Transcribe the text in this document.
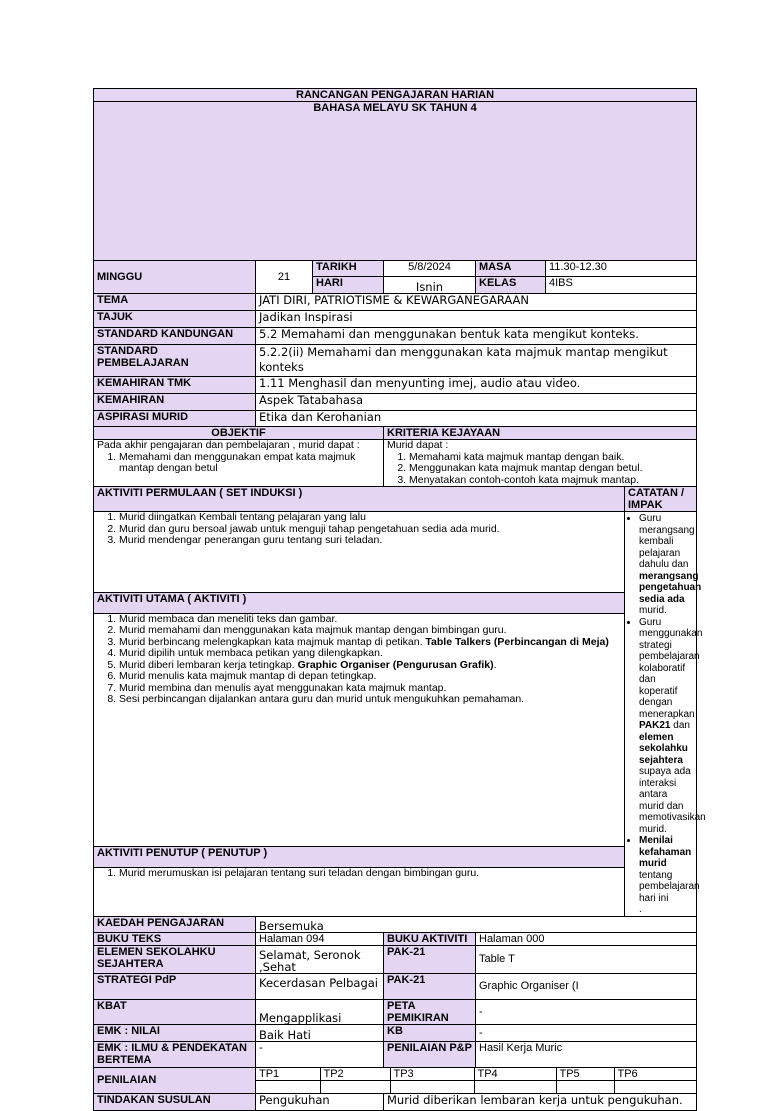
RANCANGAN PENGAJARAN HARIAN
BAHASA MELAYU SK TAHUN 4
MINGGU	21	TARIKH	5/8/2024	MASA	11.30-12.30
HARI	Isnin	KELAS	4IBS
TEMA	JATI DIRI, PATRIOTISME & KEWARGANEGARAAN
TAJUK	Jadikan Inspirasi
STANDARD KANDUNGAN	5.2 Memahami dan menggunakan bentuk kata mengikut konteks.
STANDARD PEMBELAJARAN	5.2.2(ii) Memahami dan menggunakan kata majmuk mantap mengikut konteks
KEMAHIRAN TMK	1.11 Menghasil dan menyunting imej, audio atau video.
KEMAHIRAN	Aspek Tatabahasa
ASPIRASI MURID	Etika dan Kerohanian
OBJEKTIF	KRITERIA KEJAYAAN

Pada akhir pengajaran dan pembelajaran , murid dapat :
1. Memahami dan menggunakan empat kata majmuk mantap dengan betul

Murid dapat :
1. Memahami kata majmuk mantap dengan baik.
2. Menggunakan kata majmuk mantap dengan betul.
3. Menyatakan contoh-contoh kata majmuk mantap.

AKTIVITI PERMULAAN ( SET INDUKSI )	CATATAN / IMPAK

1. Murid diingatkan Kembali tentang pelajaran yang lalu
2. Murid dan guru bersoal jawab untuk menguji tahap pengetahuan sedia ada murid.
3. Murid mendengar penerangan guru tentang suri teladan.

• Guru merangsang kembali pelajaran dahulu dan merangsang pengetahuan sedia ada murid.
• Guru menggunakan strategi pembelajaran kolaboratif dan koperatif dengan menerapkan PAK21 dan elemen sekolahku sejahtera supaya ada interaksi antara murid dan memotivasikan murid.
• Menilai kefahaman murid tentang pembelajaran hari ini
.

AKTIVITI UTAMA ( AKTIVITI )

1. Murid membaca dan meneliti teks dan gambar.
2. Murid memahami dan menggunakan kata majmuk mantap dengan bimbingan guru.
3. Murid berbincang melengkapkan kata majmuk mantap di petikan. Table Talkers (Perbincangan di Meja)
4. Murid dipilih untuk membaca petikan yang dilengkapkan.
5. Murid diberi lembaran kerja tetingkap. Graphic Organiser (Pengurusan Grafik).
6. Murid menulis kata majmuk mantap di depan tetingkap.
7. Murid membina dan menulis ayat menggunakan kata majmuk mantap.
8. Sesi perbincangan dijalankan antara guru dan murid untuk mengukuhkan pemahaman.

AKTIVITI PENUTUP ( PENUTUP )

1. Murid merumuskan isi pelajaran tentang suri teladan dengan bimbingan guru.

KAEDAH PENGAJARAN	Bersemuka
BUKU TEKS	Halaman 094	BUKU AKTIVITI	Halaman 000
ELEMEN SEKOLAHKU SEJAHTERA	Selamat, Seronok ,Sehat	PAK-21	Table T
STRATEGI PdP	Kecerdasan Pelbagai	PAK-21	Graphic Organiser (I
KBAT	Mengapplikasi	PETA PEMIKIRAN	-
EMK : NILAI	Baik Hati	KB	-
EMK : ILMU & PENDEKATAN BERTEMA	-	PENILAIAN P&P	Hasil Kerja Muric
PENILAIAN	
TP1	TP2	TP3	TP4	TP5	TP6

TINDAKAN SUSULAN	Pengukuhan	Murid diberikan lembaran kerja untuk pengukuhan.
